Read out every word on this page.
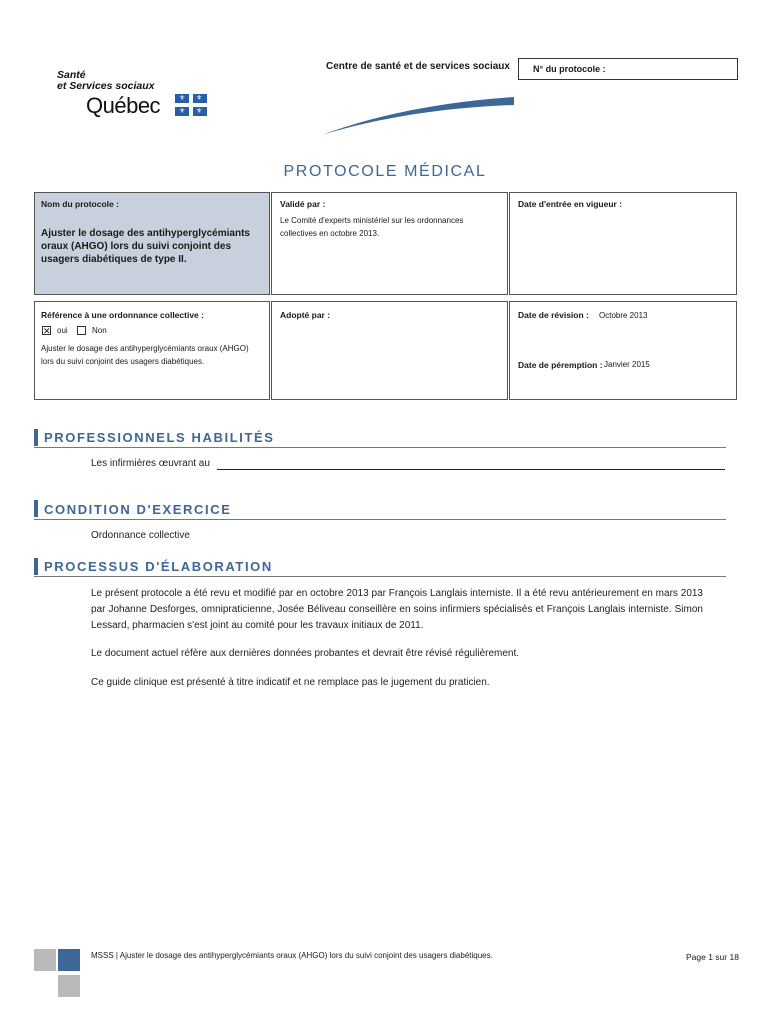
Santé
et Services sociaux
Québec	⚜ ⚜
⚜ ⚜
Centre de santé et de services sociaux	N° du protocole :
PROTOCOLE MÉDICAL
Nom du protocole :
Ajuster le dosage des antihyperglycémiants oraux (AHGO) lors du suivi conjoint des usagers diabétiques de type II.
Validé par :
Le Comité d'experts ministériel sur les ordonnances collectives en octobre 2013.
Date d'entrée en vigueur :
Référence à une ordonnance collective :
✕ oui	Non
Ajuster le dosage des antihyperglycémiants oraux (AHGO) lors du suivi conjoint des usagers diabétiques.
Adopté par :	Date de révision : Octobre 2013
Date de péremption : Janvier 2015
PROFESSIONNELS HABILITÉS
Les infirmières œuvrant au
CONDITION D'EXERCICE
Ordonnance collective
PROCESSUS D'ÉLABORATION
Le présent protocole a été revu et modifié par en octobre 2013 par François Langlais interniste. Il a été revu antérieurement en mars 2013 par Johanne Desforges, omnipraticienne, Josée Béliveau conseillère en soins infirmiers spécialisés et François Langlais interniste. Simon Lessard, pharmacien s'est joint au comité pour les travaux initiaux de 2011.
Le document actuel réfère aux dernières données probantes et devrait être révisé régulièrement.
Ce guide clinique est présenté à titre indicatif et ne remplace pas le jugement du praticien.
MSSS | Ajuster le dosage des antihyperglycémiants oraux (AHGO) lors du suivi conjoint des usagers diabétiques.	Page 1 sur 18
